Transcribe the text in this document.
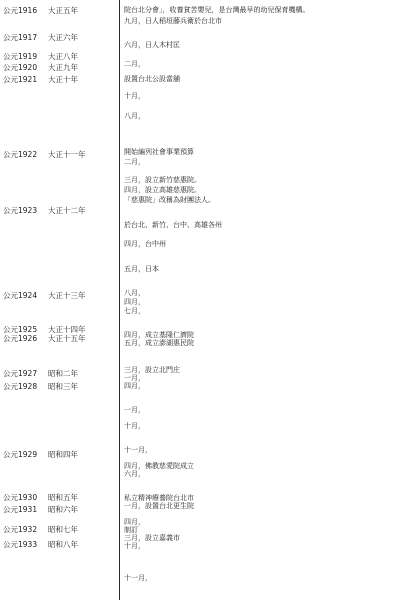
公元1916 大正五年
公元1917 大正六年
公元1919 大正八年
公元1920 大正九年
公元1921 大正十年
公元1922 大正十一年
公元1923 大正十二年
公元1924 大正十三年
公元1925 大正十四年
公元1926 大正十五年
公元1927 昭和二年
公元1928 昭和三年
公元1929 昭和四年
公元1930 昭和五年
公元1931 昭和六年
公元1932 昭和七年
公元1933 昭和八年
院台北分會」，收養貧苦嬰兒，是台灣最早的幼兒保育機構。
九月，日人稻垣藤兵衛於台北市
六月，日人木村匡
二月，
設置台北公設當舖
十月，
八月，
開始編列社會事業預算
二月，
三月，設立新竹慈惠院。
四月，設立高雄慈惠院。
「慈惠院」改稱為財團法人。
於台北、新竹、台中、高雄各州
四月，台中州
五月，日本
八月，
四月，
七月，
四月，成立基隆仁濟院
五月，成立澎湖惠民院
三月，設立北門庄
一月，
四月，
一月，
十月，
十一月，
四月，佛教慈愛院成立
六月，
私立精神療養院台北市
一月，設置台北更生院
四月，
制訂
三月，設立嘉義市
十月，
十一月，
